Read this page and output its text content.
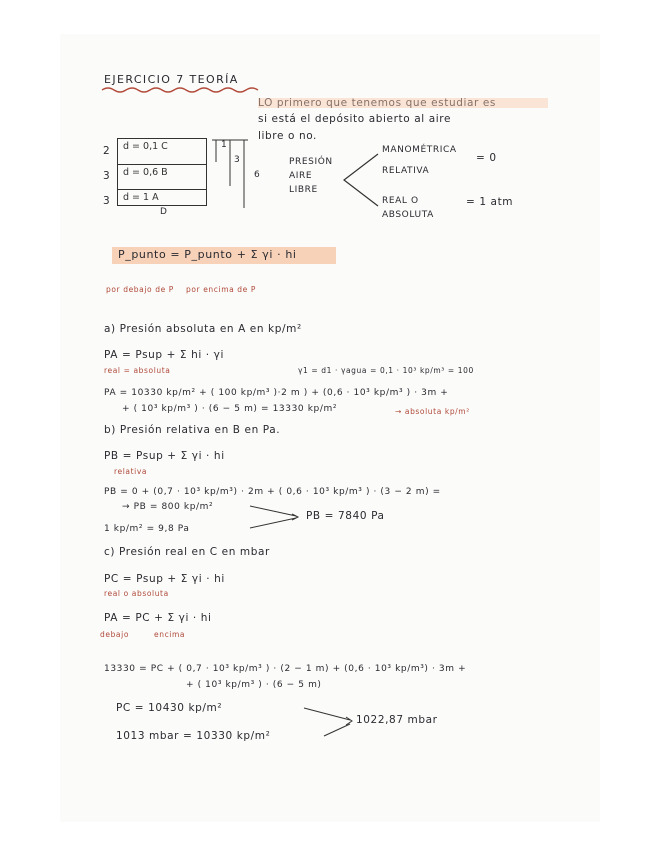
EJERCICIO 7 TEORÍA
LO primero que tenemos que estudiar es
si está el depósito abierto al aire
libre o no.
d = 0,1 C
d = 0,6 B
d = 1 A
2
3
3
D
1
3
6
PRESIÓN
AIRE
LIBRE
MANOMÉTRICA
RELATIVA
= 0
REAL O
ABSOLUTA
= 1 atm
P_punto = P_punto + Σ γi · hi
por debajo de P por encima de P
a) Presión absoluta en A en kp/m²
PA = Psup + Σ hi · γi
real = absoluta	γ1 = d1 · γagua = 0,1 · 10³ kp/m³ = 100
PA = 10330 kp/m² + ( 100 kp/m³ )·2 m ) + (0,6 · 10³ kp/m³ ) · 3m +
+ ( 10³ kp/m³ ) · (6 − 5 m) = 13330 kp/m²	→ absoluta kp/m²
b) Presión relativa en B en Pa.
PB = Psup + Σ γi · hi
relativa
PB = 0 + (0,7 · 10³ kp/m³) · 2m + ( 0,6 · 10³ kp/m³ ) · (3 − 2 m) =
→ PB = 800 kp/m²
1 kp/m² = 9,8 Pa
PB = 7840 Pa
c) Presión real en C en mbar
PC = Psup + Σ γi · hi
real o absoluta
PA = PC + Σ γi · hi
debajo	encima
13330 = PC + ( 0,7 · 10³ kp/m³ ) · (2 − 1 m) + (0,6 · 10³ kp/m³) · 3m +
+ ( 10³ kp/m³ ) · (6 − 5 m)
PC = 10430 kp/m²
1013 mbar = 10330 kp/m²
1022,87 mbar
